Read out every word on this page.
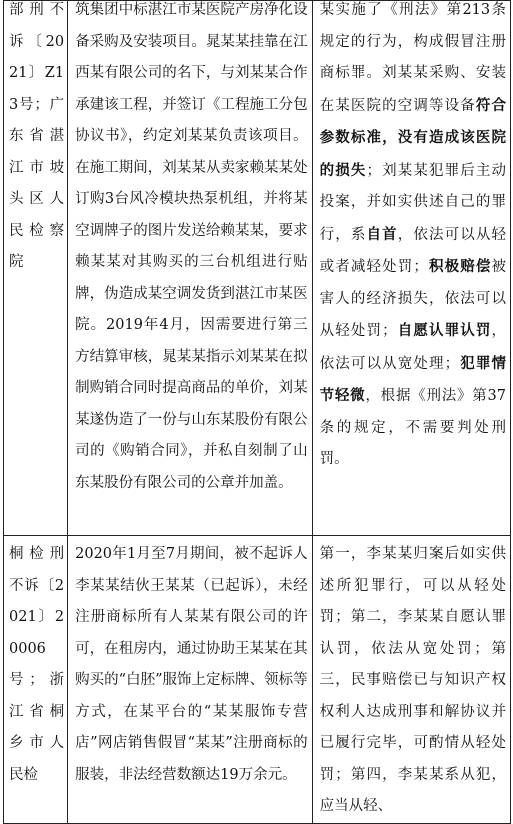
部刑不诉〔2021〕Z13号；广东省湛江市坡头区人民检察院	筑集团中标湛江市某医院产房净化设备采购及安装项目。晁某某挂靠在江西某有限公司的名下，与刘某某合作承建该工程，并签订《工程施工分包协议书》，约定刘某某负责该项目。在施工期间，刘某某从卖家赖某某处订购3台风冷模块热泵机组，并将某空调牌子的图片发送给赖某某，要求赖某某对其购买的三台机组进行贴牌，伪造成某空调发货到湛江市某医院。2019年4月，因需要进行第三方结算审核，晁某某指示刘某某在拟制购销合同时提高商品的单价，刘某某遂伪造了一份与山东某股份有限公司的《购销合同》，并私自刻制了山东某股份有限公司的公章并加盖。	某实施了《刑法》第213条规定的行为，构成假冒注册商标罪。刘某某采购、安装在某医院的空调等设备符合参数标准，没有造成该医院的损失；刘某某犯罪后主动投案，并如实供述自己的罪行，系自首，依法可以从轻或者减轻处罚；积极赔偿被害人的经济损失，依法可以从轻处罚；自愿认罪认罚，依法可以从宽处理；犯罪情节轻微，根据《刑法》第37条的规定，不需要判处刑罚。

桐检刑不诉〔2021〕20006号；浙江省桐乡市人民检	2020年1月至7月期间，被不起诉人李某某结伙王某某（已起诉），未经注册商标所有人某某有限公司的许可，在租房内，通过协助王某某在其购买的“白胚”服饰上定标牌、领标等方式，在某平台的“某某服饰专营店”网店销售假冒“某某”注册商标的服装，非法经营数额达19万余元。	第一，李某某归案后如实供述所犯罪行，可以从轻处罚；第二，李某某自愿认罪认罚，依法从宽处罚；第三，民事赔偿已与知识产权权利人达成刑事和解协议并已履行完毕，可酌情从轻处罚；第四，李某某系从犯，应当从轻、
